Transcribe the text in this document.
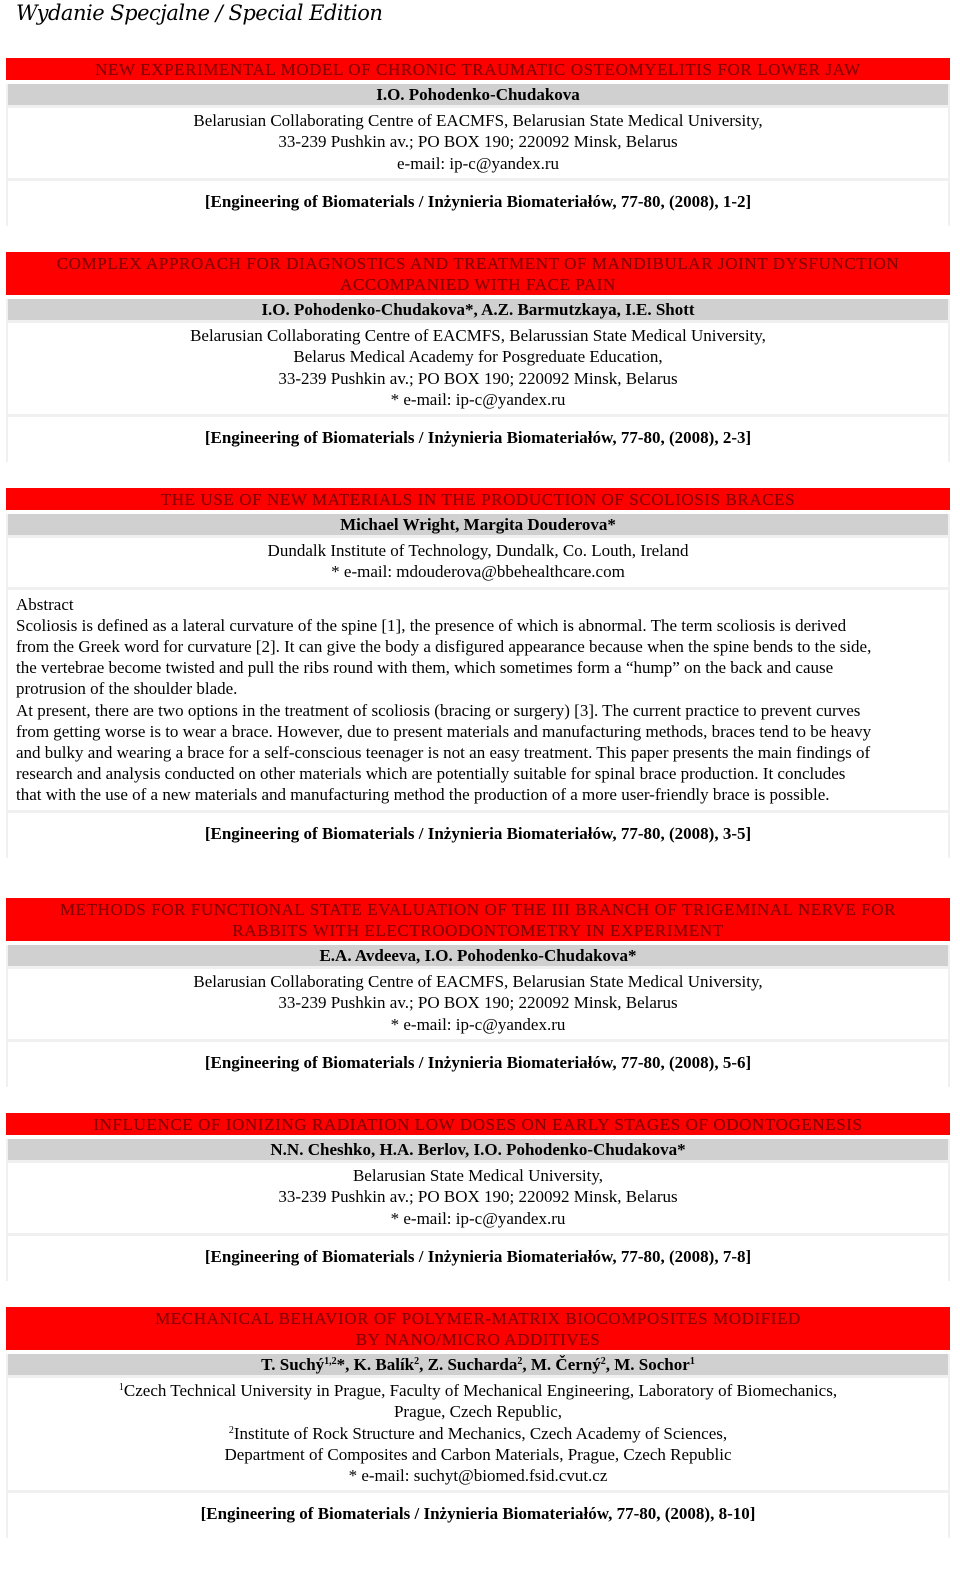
Wydanie Specjalne / Special Edition
NEW EXPERIMENTAL MODEL OF CHRONIC TRAUMATIC OSTEOMYELITIS FOR LOWER JAW
I.O. Pohodenko-Chudakova
Belarusian Collaborating Centre of EACMFS, Belarusian State Medical University,
33-239 Pushkin av.; PO BOX 190; 220092 Minsk, Belarus
e-mail: ip-c@yandex.ru
[Engineering of Biomaterials / Inżynieria Biomateriałów, 77-80, (2008), 1-2]
COMPLEX APPROACH FOR DIAGNOSTICS AND TREATMENT OF MANDIBULAR JOINT DYSFUNCTION
ACCOMPANIED WITH FACE PAIN
I.O. Pohodenko-Chudakova*, A.Z. Barmutzkaya, I.E. Shott
Belarusian Collaborating Centre of EACMFS, Belarussian State Medical University,
Belarus Medical Academy for Posgreduate Education,
33-239 Pushkin av.; PO BOX 190; 220092 Minsk, Belarus
* e-mail: ip-c@yandex.ru
[Engineering of Biomaterials / Inżynieria Biomateriałów, 77-80, (2008), 2-3]
THE USE OF NEW MATERIALS IN THE PRODUCTION OF SCOLIOSIS BRACES
Michael Wright, Margita Douderova*
Dundalk Institute of Technology, Dundalk, Co. Louth, Ireland
* e-mail: mdouderova@bbehealthcare.com
Abstract
Scoliosis is defined as a lateral curvature of the spine [1], the presence of which is abnormal. The term scoliosis is derived
from the Greek word for curvature [2]. It can give the body a disfigured appearance because when the spine bends to the side,
the vertebrae become twisted and pull the ribs round with them, which sometimes form a “hump” on the back and cause
protrusion of the shoulder blade.
At present, there are two options in the treatment of scoliosis (bracing or surgery) [3]. The current practice to prevent curves
from getting worse is to wear a brace. However, due to present materials and manufacturing methods, braces tend to be heavy
and bulky and wearing a brace for a self-conscious teenager is not an easy treatment. This paper presents the main findings of
research and analysis conducted on other materials which are potentially suitable for spinal brace production. It concludes
that with the use of a new materials and manufacturing method the production of a more user-friendly brace is possible.
[Engineering of Biomaterials / Inżynieria Biomateriałów, 77-80, (2008), 3-5]
METHODS FOR FUNCTIONAL STATE EVALUATION OF THE III BRANCH OF TRIGEMINAL NERVE FOR
RABBITS WITH ELECTROODONTOMETRY IN EXPERIMENT
E.A. Avdeeva, I.O. Pohodenko-Chudakova*
Belarusian Collaborating Centre of EACMFS, Belarusian State Medical University,
33-239 Pushkin av.; PO BOX 190; 220092 Minsk, Belarus
* e-mail: ip-c@yandex.ru
[Engineering of Biomaterials / Inżynieria Biomateriałów, 77-80, (2008), 5-6]
INFLUENCE OF IONIZING RADIATION LOW DOSES ON EARLY STAGES OF ODONTOGENESIS
N.N. Cheshko, H.A. Berlov, I.O. Pohodenko-Chudakova*
Belarusian State Medical University,
33-239 Pushkin av.; PO BOX 190; 220092 Minsk, Belarus
* e-mail: ip-c@yandex.ru
[Engineering of Biomaterials / Inżynieria Biomateriałów, 77-80, (2008), 7-8]
MECHANICAL BEHAVIOR OF POLYMER-MATRIX BIOCOMPOSITES MODIFIED
BY NANO/MICRO ADDITIVES
T. Suchý$^{1,2}$*, K. Balík$^2$, Z. Sucharda$^2$, M. Černý$^2$, M. Sochor$^1$
$^1$Czech Technical University in Prague, Faculty of Mechanical Engineering, Laboratory of Biomechanics,
Prague, Czech Republic,
$^2$Institute of Rock Structure and Mechanics, Czech Academy of Sciences,
Department of Composites and Carbon Materials, Prague, Czech Republic
* e-mail: suchyt@biomed.fsid.cvut.cz
[Engineering of Biomaterials / Inżynieria Biomateriałów, 77-80, (2008), 8-10]
